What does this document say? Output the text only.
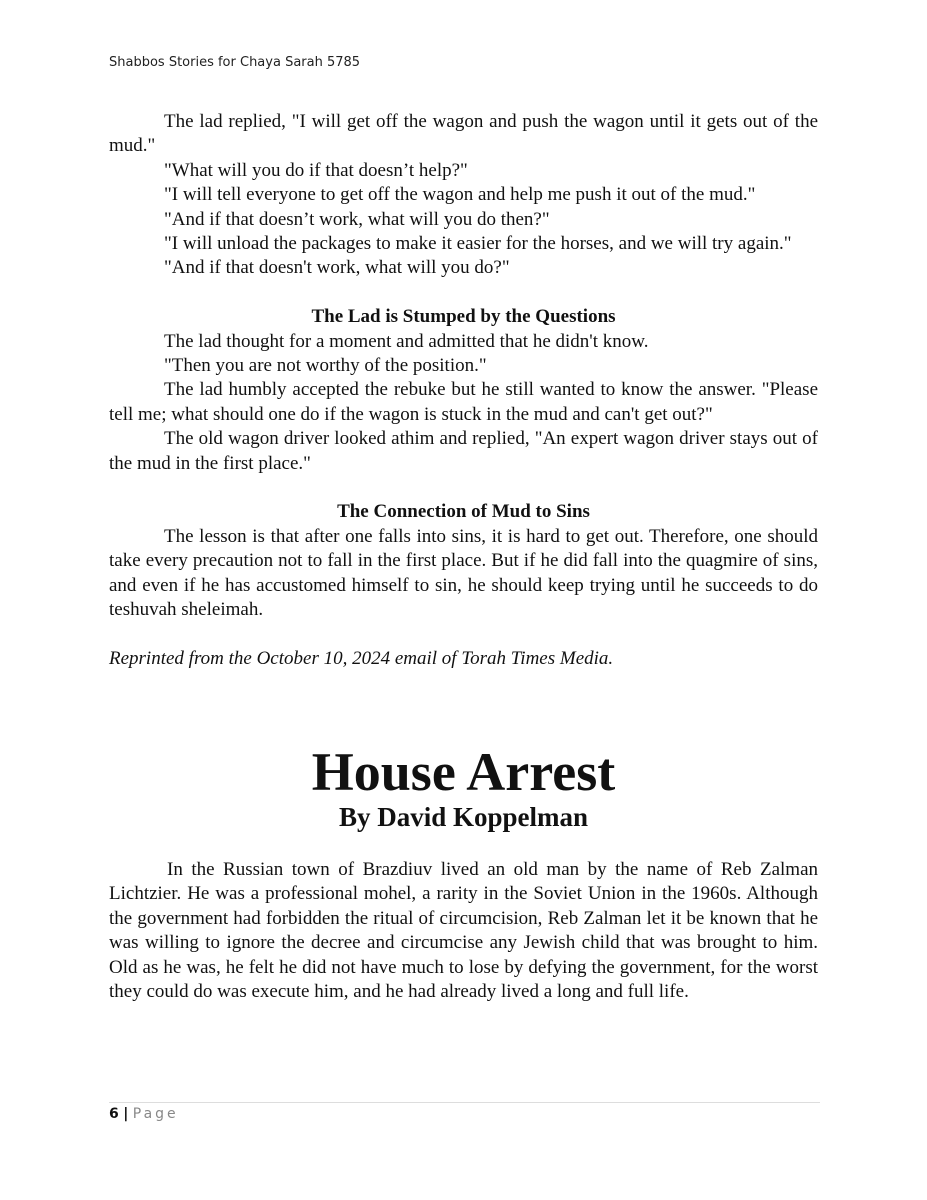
Shabbos Stories for Chaya Sarah 5785

The lad replied, "I will get off the wagon and push the wagon until it gets out of the mud."

"What will you do if that doesn’t help?"

"I will tell everyone to get off the wagon and help me push it out of the mud."

"And if that doesn’t work, what will you do then?"

"I will unload the packages to make it easier for the horses, and we will try again."

"And if that doesn't work, what will you do?"

The Lad is Stumped by the Questions

The lad thought for a moment and admitted that he didn't know.

"Then you are not worthy of the position."

The lad humbly accepted the rebuke but he still wanted to know the answer. "Please tell me; what should one do if the wagon is stuck in the mud and can't get out?"

The old wagon driver looked athim and replied, "An expert wagon driver stays out of the mud in the first place."

The Connection of Mud to Sins

The lesson is that after one falls into sins, it is hard to get out. Therefore, one should take every precaution not to fall in the first place. But if he did fall into the quagmire of sins, and even if he has accustomed himself to sin, he should keep trying until he succeeds to do teshuvah sheleimah.

Reprinted from the October 10, 2024 email of Torah Times Media.

House Arrest
By David Koppelman

In the Russian town of Brazdiuv lived an old man by the name of Reb Zalman Lichtzier. He was a professional mohel, a rarity in the Soviet Union in the 1960s. Although the government had forbidden the ritual of circumcision, Reb Zalman let it be known that he was willing to ignore the decree and circumcise any Jewish child that was brought to him. Old as he was, he felt he did not have much to lose by defying the government, for the worst they could do was execute him, and he had already lived a long and full life.

6 | Page
